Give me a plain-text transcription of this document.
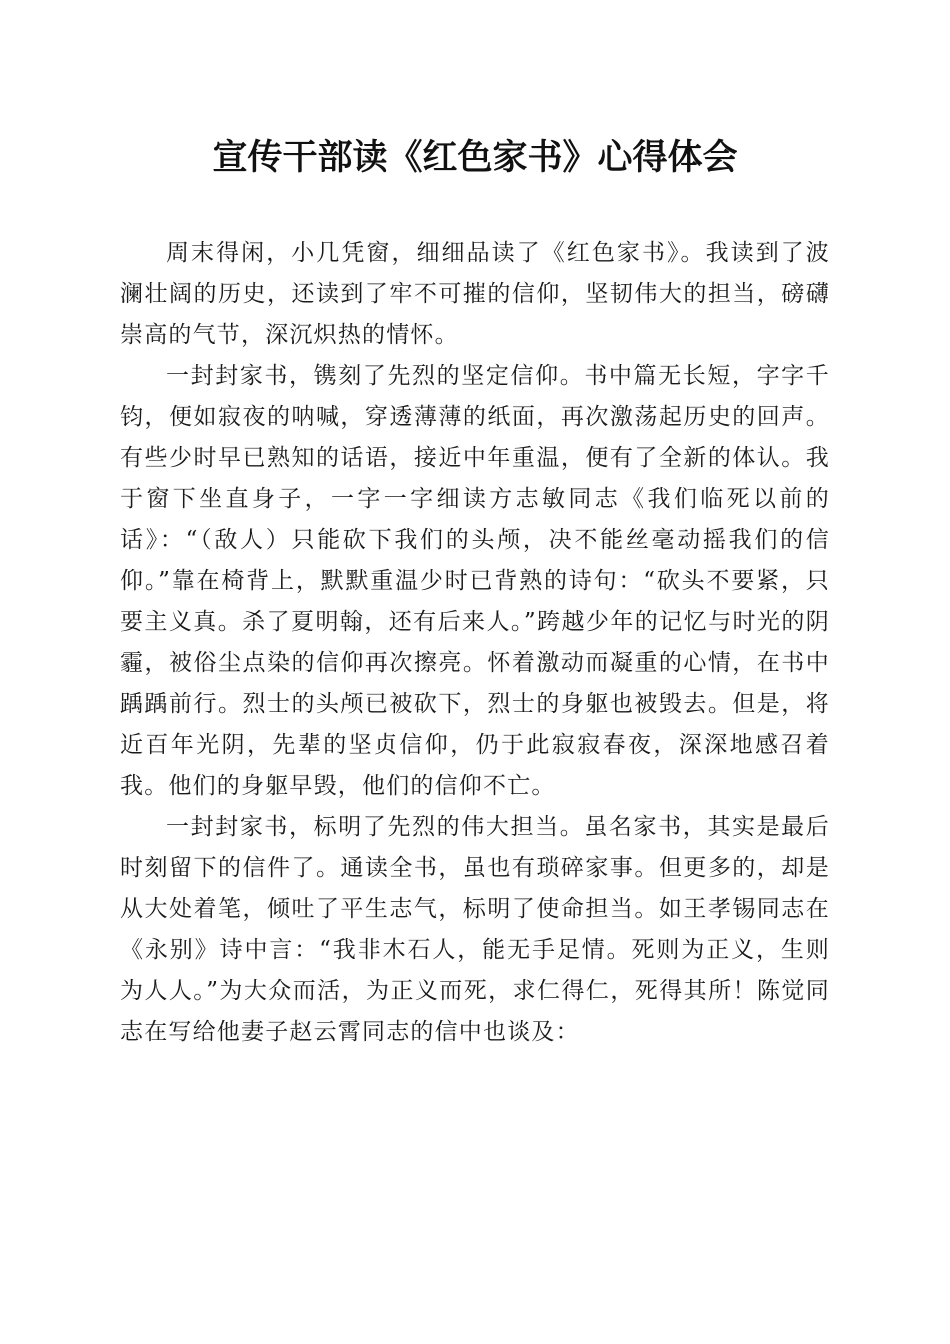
宣传干部读《红色家书》心得体会

周末得闲，小几凭窗，细细品读了《红色家书》。我读到了波澜壮阔的历史，还读到了牢不可摧的信仰，坚韧伟大的担当，磅礴崇高的气节，深沉炽热的情怀。

一封封家书，镌刻了先烈的坚定信仰。书中篇无长短，字字千钧，便如寂夜的呐喊，穿透薄薄的纸面，再次激荡起历史的回声。有些少时早已熟知的话语，接近中年重温，便有了全新的体认。我于窗下坐直身子，一字一字细读方志敏同志《我们临死以前的话》：“（敌人）只能砍下我们的头颅，决不能丝毫动摇我们的信仰。”靠在椅背上，默默重温少时已背熟的诗句：“砍头不要紧，只要主义真。杀了夏明翰，还有后来人。”跨越少年的记忆与时光的阴霾，被俗尘点染的信仰再次擦亮。怀着激动而凝重的心情，在书中踽踽前行。烈士的头颅已被砍下，烈士的身躯也被毁去。但是，将近百年光阴，先辈的坚贞信仰，仍于此寂寂春夜，深深地感召着我。他们的身躯早毁，他们的信仰不亡。

一封封家书，标明了先烈的伟大担当。虽名家书，其实是最后时刻留下的信件了。通读全书，虽也有琐碎家事。但更多的，却是从大处着笔，倾吐了平生志气，标明了使命担当。如王孝锡同志在《永别》诗中言：“我非木石人，能无手足情。死则为正义，生则为人人。”为大众而活，为正义而死，求仁得仁，死得其所！陈觉同志在写给他妻子赵云霄同志的信中也谈及：
